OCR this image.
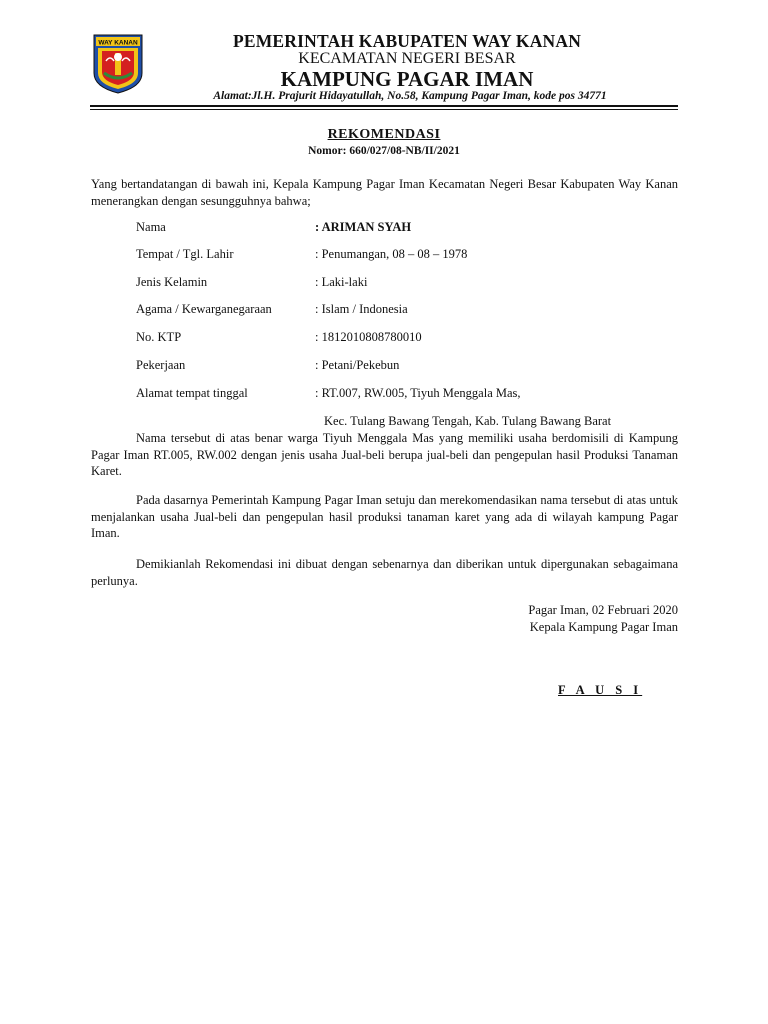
WAY KANAN	PEMERINTAH KABUPATEN WAY KANAN
KECAMATAN NEGERI BESAR
KAMPUNG PAGAR IMAN
Alamat:Jl.H. Prajurit Hidayatullah, No.58, Kampung Pagar Iman, kode pos 34771
REKOMENDASI
Nomor: 660/027/08-NB/II/2021
Yang bertandatangan di bawah ini, Kepala Kampung Pagar Iman Kecamatan Negeri Besar Kabupaten Way Kanan menerangkan dengan sesungguhnya bahwa;
Nama	: ARIMAN SYAH
Tempat / Tgl. Lahir	: Penumangan, 08 – 08 – 1978
Jenis Kelamin	: Laki-laki
Agama / Kewarganegaraan	: Islam / Indonesia
No. KTP	: 1812010808780010
Pekerjaan	: Petani/Pekebun
Alamat tempat tinggal	: RT.007, RW.005, Tiyuh Menggala Mas,
Kec. Tulang Bawang Tengah, Kab. Tulang Bawang Barat
Nama tersebut di atas benar warga Tiyuh Menggala Mas yang memiliki usaha berdomisili di Kampung Pagar Iman RT.005, RW.002 dengan jenis usaha Jual-beli berupa jual-beli dan pengepulan hasil Produksi Tanaman Karet.
Pada dasarnya Pemerintah Kampung Pagar Iman setuju dan merekomendasikan nama tersebut di atas untuk menjalankan usaha Jual-beli dan pengepulan hasil produksi tanaman karet yang ada di wilayah kampung Pagar Iman.
Demikianlah Rekomendasi ini dibuat dengan sebenarnya dan diberikan untuk dipergunakan sebagaimana perlunya.
Pagar Iman, 02 Februari 2020
Kepala Kampung Pagar Iman
F A U S I
